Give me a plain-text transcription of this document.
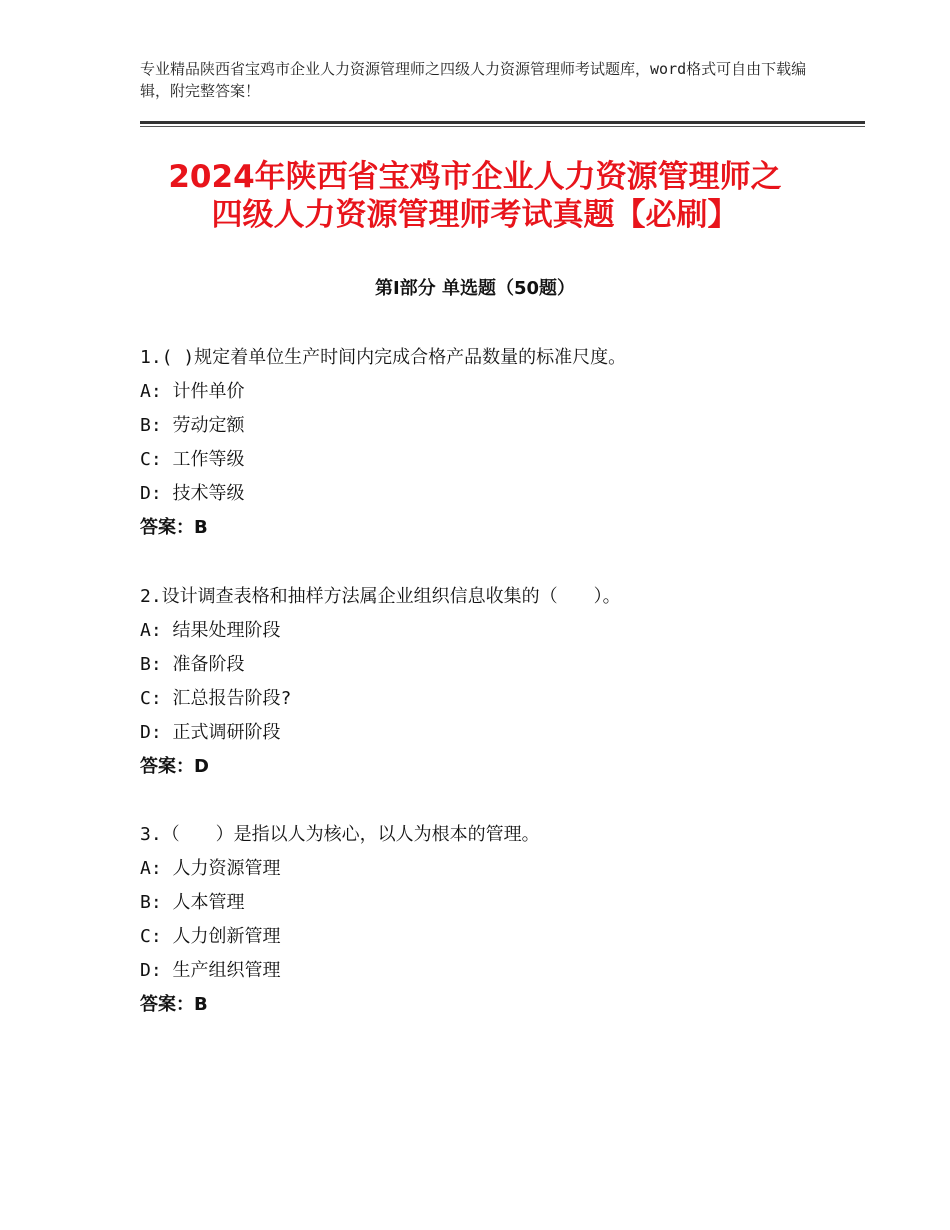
专业精品陕西省宝鸡市企业人力资源管理师之四级人力资源管理师考试题库，word格式可自由下载编辑，附完整答案！
2024年陕西省宝鸡市企业人力资源管理师之
四级人力资源管理师考试真题【必刷】
第Ⅰ部分 单选题（50题）
1.( )规定着单位生产时间内完成合格产品数量的标准尺度。
A: 计件单价
B: 劳动定额
C: 工作等级
D: 技术等级
答案：B
2.设计调查表格和抽样方法属企业组织信息收集的（　　）。
A: 结果处理阶段
B: 准备阶段
C: 汇总报告阶段?
D: 正式调研阶段
答案：D
3.（　　）是指以人为核心，以人为根本的管理。
A: 人力资源管理
B: 人本管理
C: 人力创新管理
D: 生产组织管理
答案：B
